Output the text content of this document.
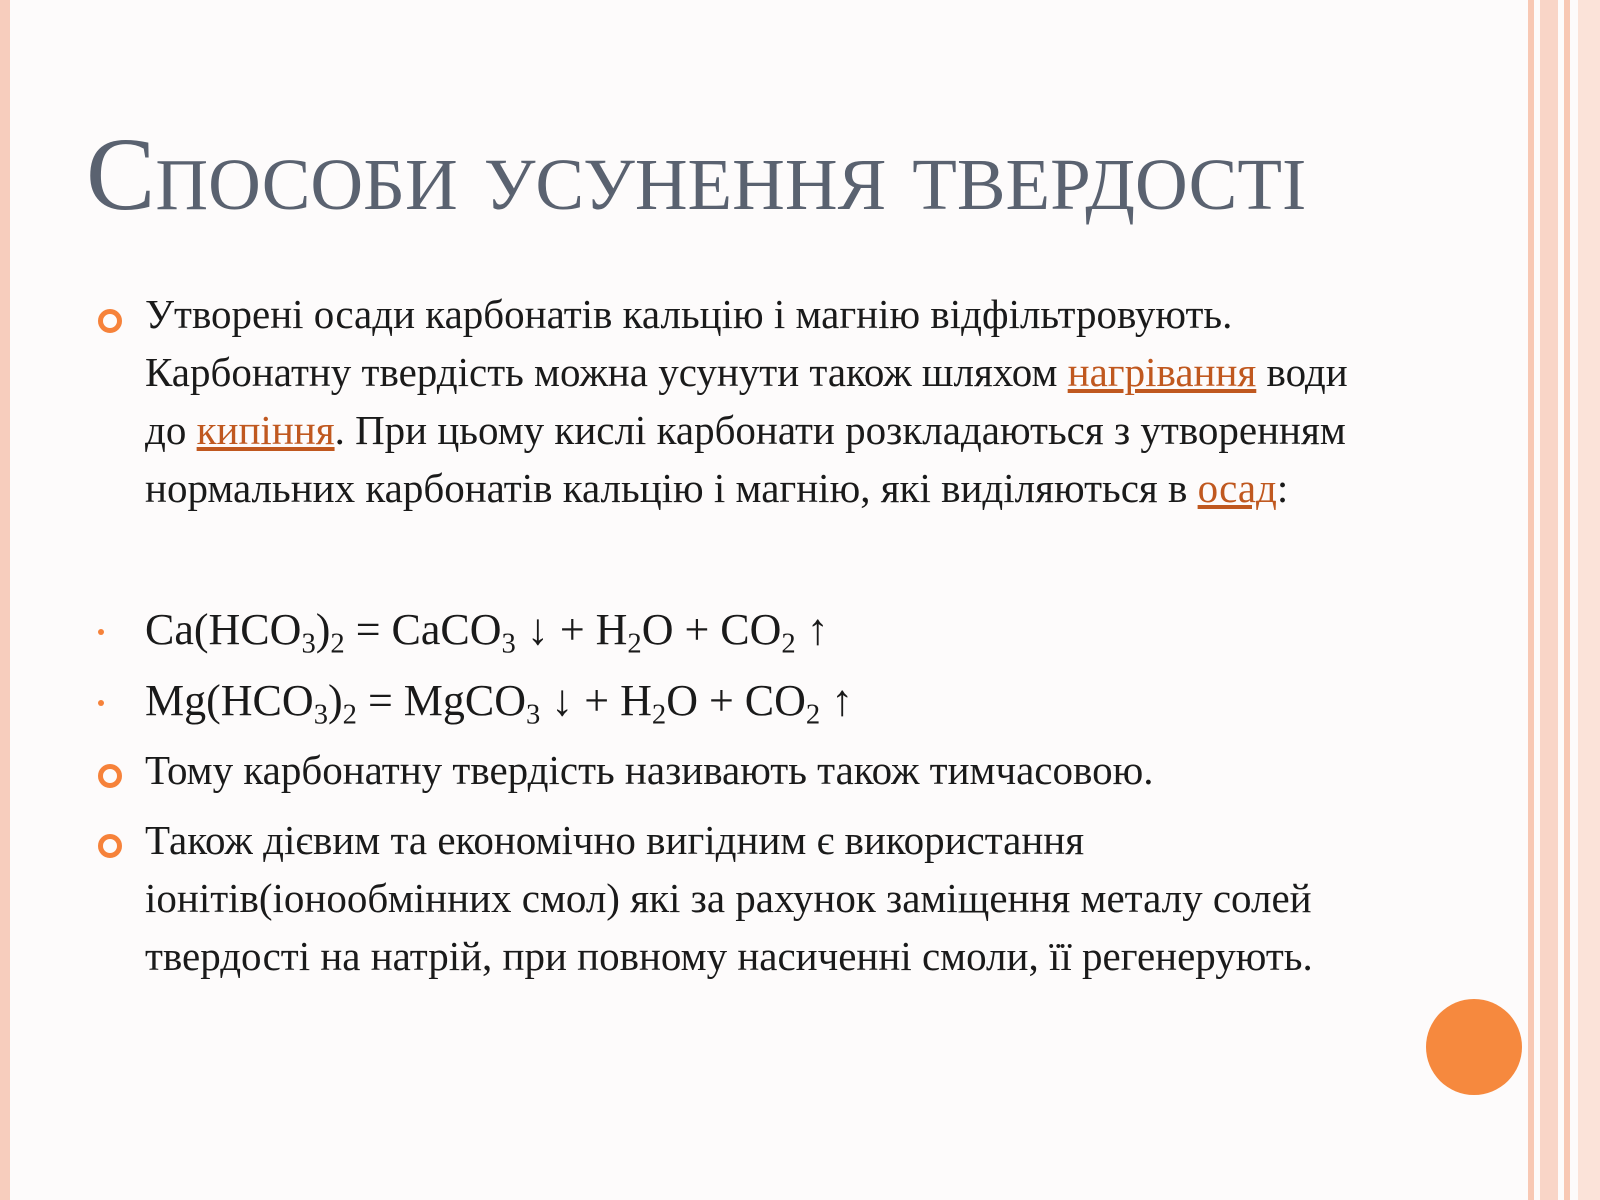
Способи усунення твердості
Утворені осади карбонатів кальцію і магнію відфільтровують. Карбонатну твердість можна усунути також шляхом нагрівання води до кипіння. При цьому кислі карбонати розкладаються з утворенням нормальних карбонатів кальцію і магнію, які виділяються в осад:
$Ca(HCO_3)_2$ = CaCO$_3$ ↓ + $H_2O + CO_2$ ↑
$Mg(HCO_3)_2$ = MgCO$_3$ ↓ + $H_2O + CO_2$ ↑
Тому карбонатну твердість називають також тимчасовою.
Також дієвим та економічно вигідним є використання іонітів(іонообмінних смол) які за рахунок заміщення металу солей твердості на натрій, при повному насиченні смоли, її регенерують.
